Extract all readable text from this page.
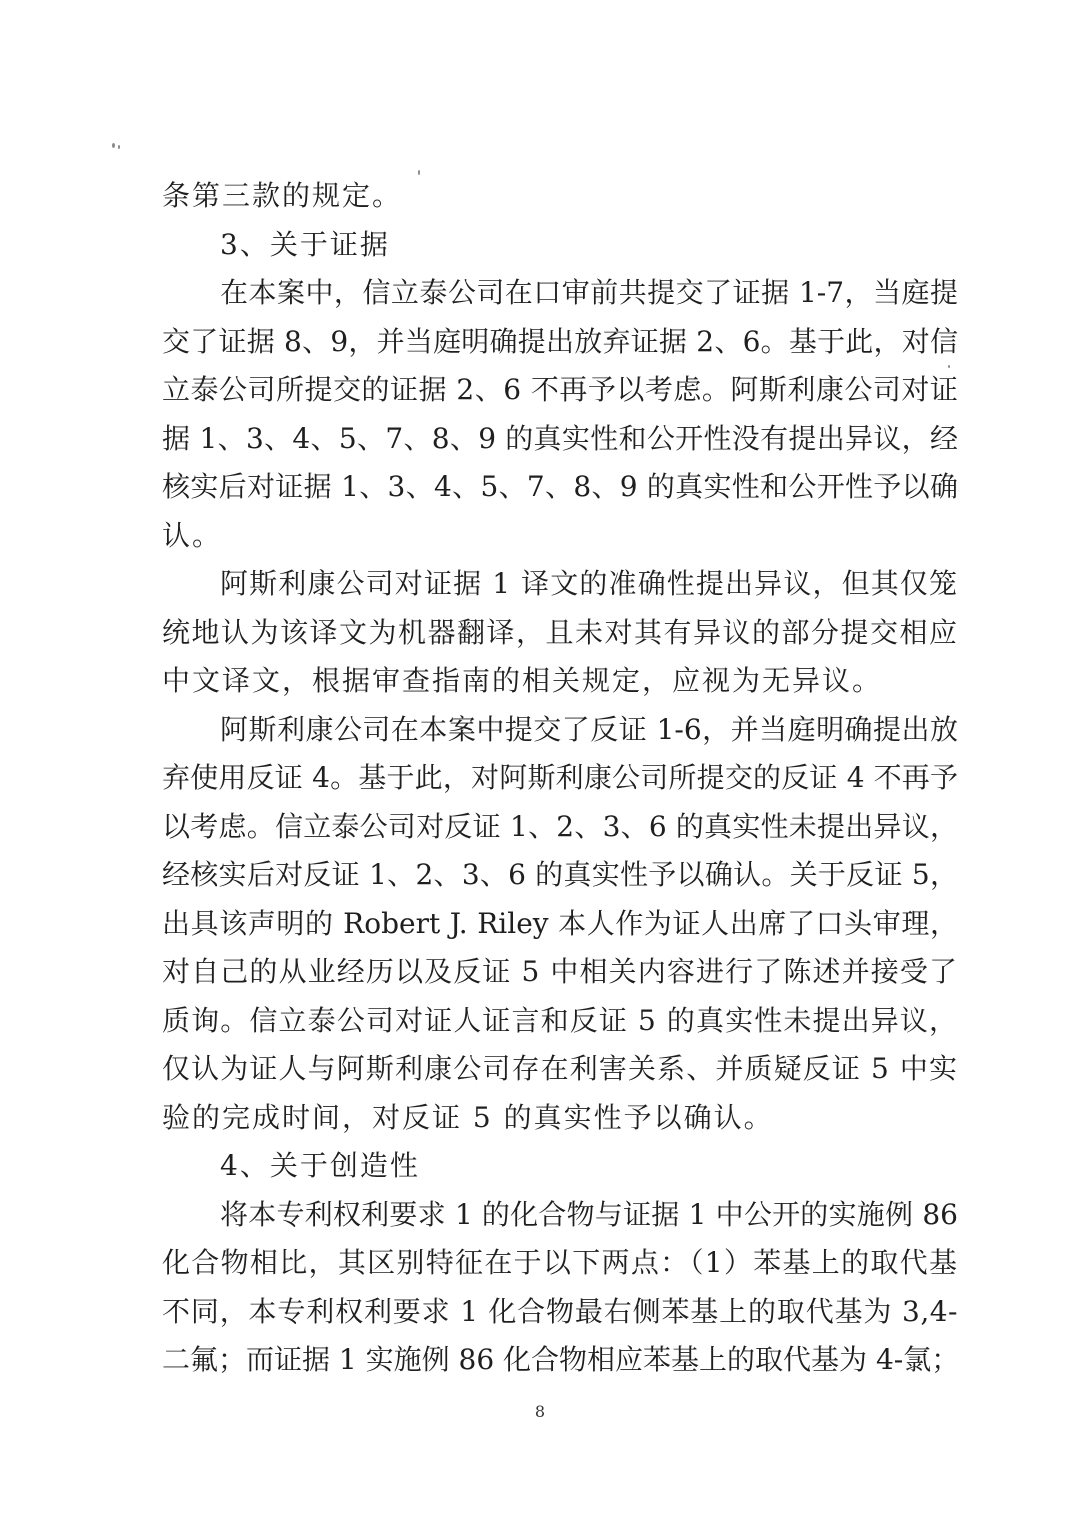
条第三款的规定。
3、关于证据
在本案中，信立泰公司在口审前共提交了证据 1-7，当庭提
交了证据 8、9，并当庭明确提出放弃证据 2、6。基于此，对信
立泰公司所提交的证据 2、6 不再予以考虑。阿斯利康公司对证
据 1、3、4、5、7、8、9 的真实性和公开性没有提出异议，经
核实后对证据 1、3、4、5、7、8、9 的真实性和公开性予以确
认。
阿斯利康公司对证据 1 译文的准确性提出异议，但其仅笼
统地认为该译文为机器翻译，且未对其有异议的部分提交相应
中文译文，根据审查指南的相关规定，应视为无异议。
阿斯利康公司在本案中提交了反证 1-6，并当庭明确提出放
弃使用反证 4。基于此，对阿斯利康公司所提交的反证 4 不再予
以考虑。信立泰公司对反证 1、2、3、6 的真实性未提出异议，
经核实后对反证 1、2、3、6 的真实性予以确认。关于反证 5，
出具该声明的 Robert J. Riley 本人作为证人出席了口头审理，
对自己的从业经历以及反证 5 中相关内容进行了陈述并接受了
质询。信立泰公司对证人证言和反证 5 的真实性未提出异议，
仅认为证人与阿斯利康公司存在利害关系、并质疑反证 5 中实
验的完成时间，对反证 5 的真实性予以确认。
4、关于创造性
将本专利权利要求 1 的化合物与证据 1 中公开的实施例 86
化合物相比，其区别特征在于以下两点：（1）苯基上的取代基
不同，本专利权利要求 1 化合物最右侧苯基上的取代基为 3,4-
二氟；而证据 1 实施例 86 化合物相应苯基上的取代基为 4-氯；
8
